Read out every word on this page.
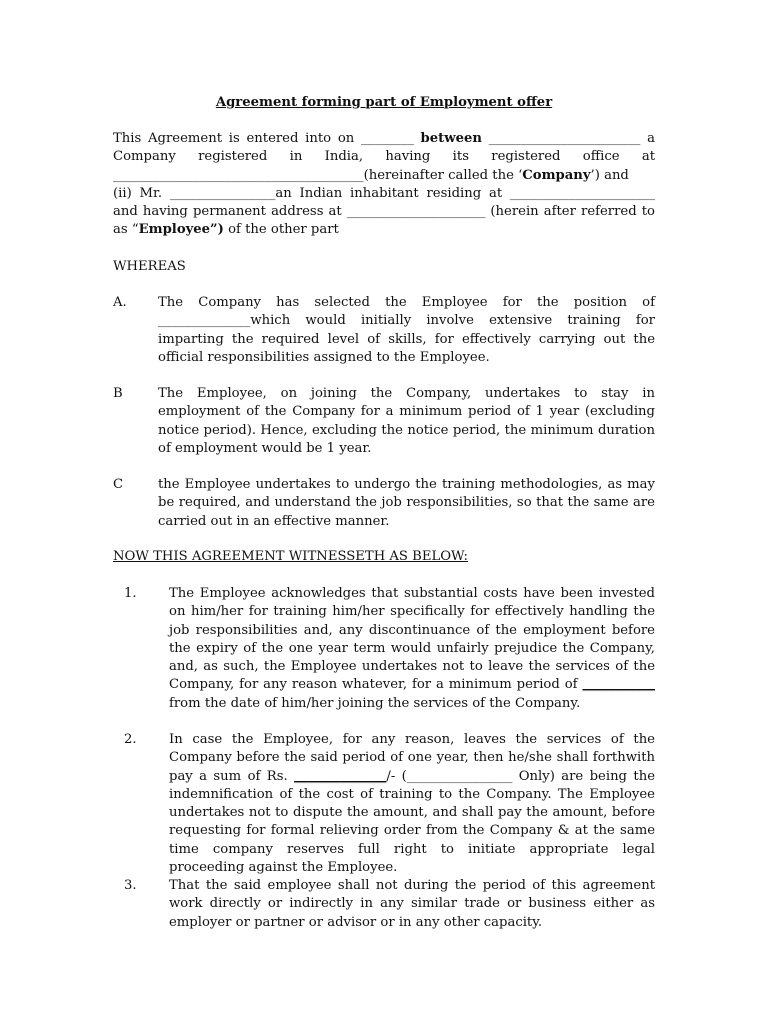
Agreement forming part of Employment offer
This Agreement is entered into on ________ between _______________________ a Company registered in India, having its registered office at ______________________________________(hereinafter called the ‘Company’) and
(ii) Mr. ________________an Indian inhabitant residing at ______________________ and having permanent address at _____________________ (herein after referred to as “Employee”) of the other part
WHEREAS
A. The Company has selected the Employee for the position of ______________which would initially involve extensive training for imparting the required level of skills, for effectively carrying out the official responsibilities assigned to the Employee.
B	The Employee, on joining the Company, undertakes to stay in employment of the Company for a minimum period of 1 year (excluding notice period). Hence, excluding the notice period, the minimum duration of employment would be 1 year.
C	the Employee undertakes to undergo the training methodologies, as may be required, and understand the job responsibilities, so that the same are carried out in an effective manner.
NOW THIS AGREEMENT WITNESSETH AS BELOW:
1. The Employee acknowledges that substantial costs have been invested on him/her for training him/her specifically for effectively handling the job responsibilities and, any discontinuance of the employment before the expiry of the one year term would unfairly prejudice the Company, and, as such, the Employee undertakes not to leave the services of the Company, for any reason whatever, for a minimum period of ___________ from the date of him/her joining the services of the Company.
2. In case the Employee, for any reason, leaves the services of the Company before the said period of one year, then he/she shall forthwith pay a sum of Rs. ______________/- (________________ Only) are being the indemnification of the cost of training to the Company. The Employee undertakes not to dispute the amount, and shall pay the amount, before requesting for formal relieving order from the Company & at the same time company reserves full right to initiate appropriate legal proceeding against the Employee.
3. That the said employee shall not during the period of this agreement work directly or indirectly in any similar trade or business either as employer or partner or advisor or in any other capacity.
